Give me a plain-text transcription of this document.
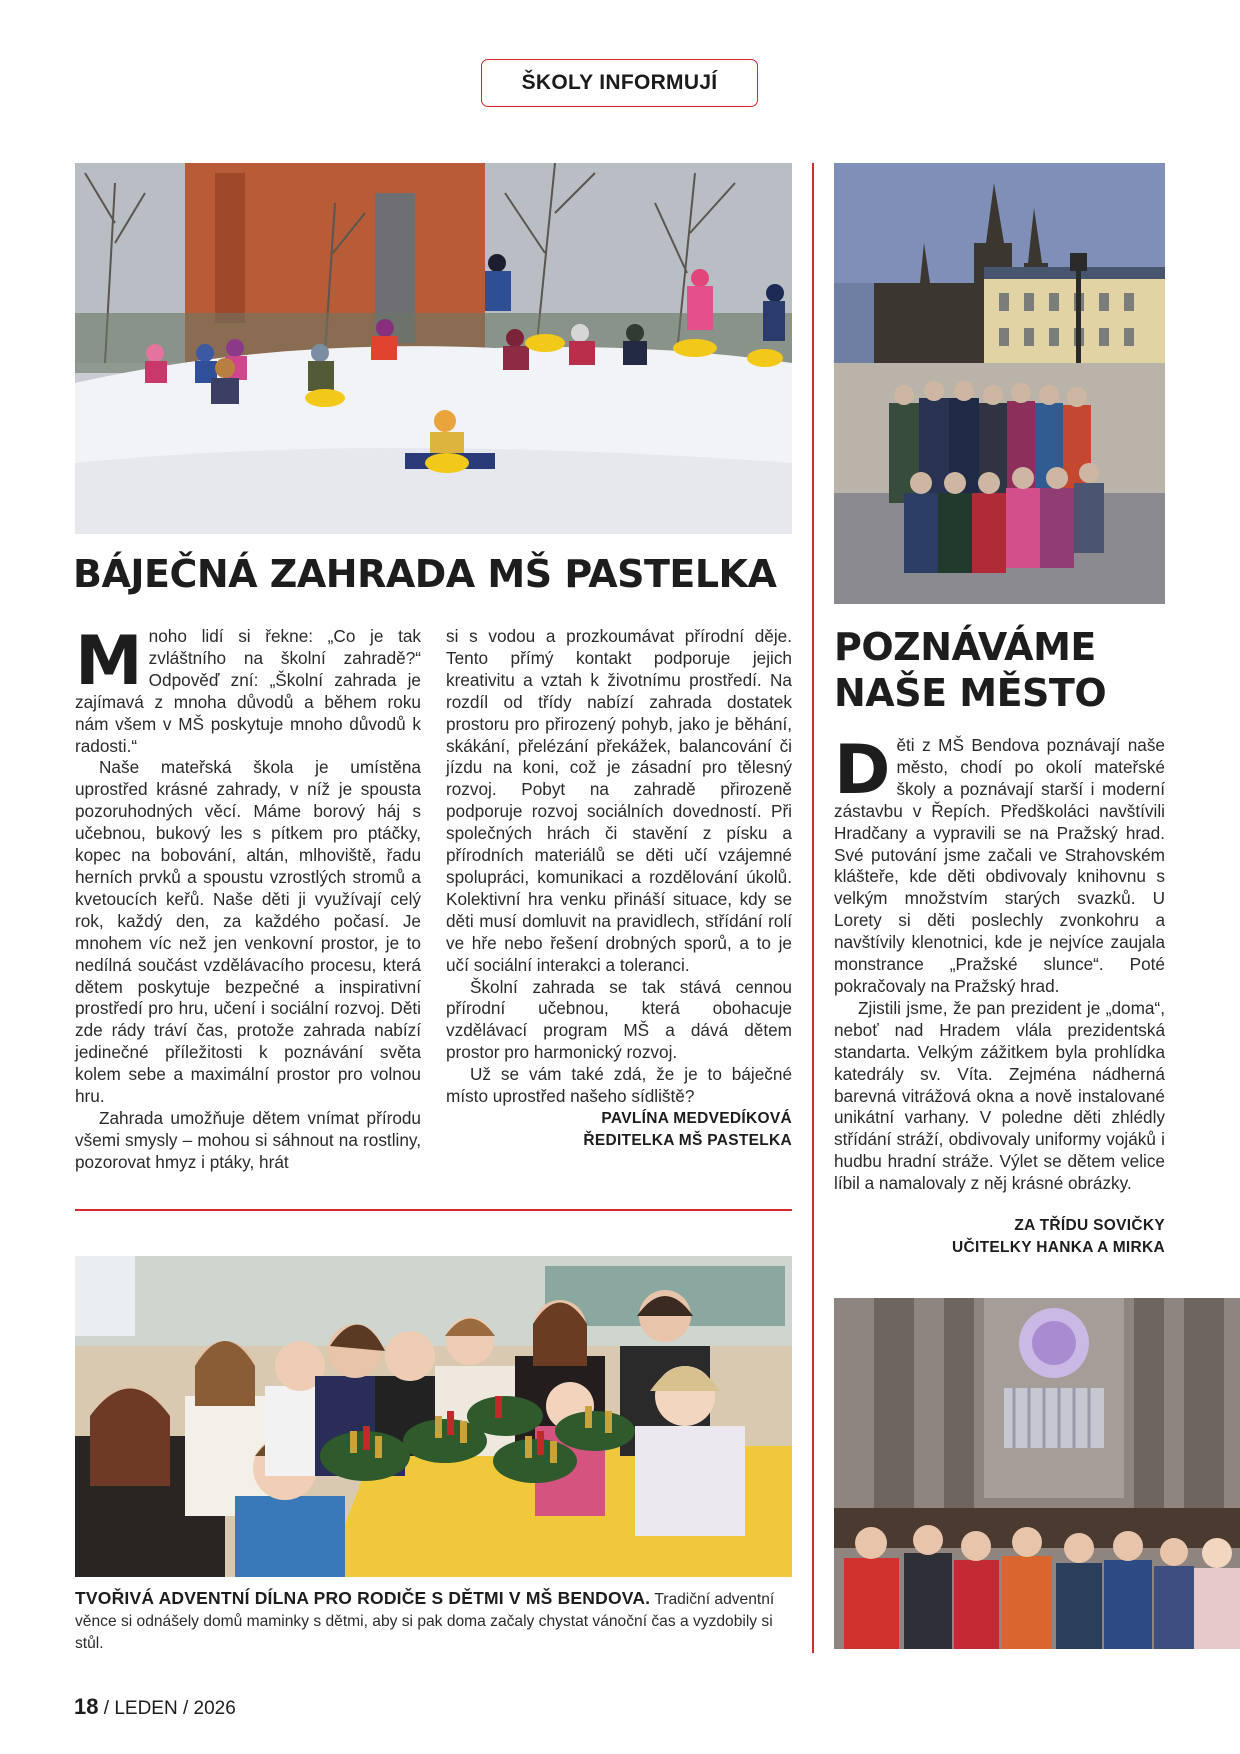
ŠKOLY INFORMUJÍ
BÁJEČNÁ ZAHRADA MŠ PASTELKA

Mnoho lidí si řekne: „Co je tak zvláštního na školní zahradě?“ Odpověď zní: „Školní zahrada je zajímavá z mnoha důvodů a během roku nám všem v MŠ poskytuje mnoho důvodů k radosti.“

Naše mateřská škola je umístěna uprostřed krásné zahrady, v níž je spousta pozoruhodných věcí. Máme borový háj s učebnou, bukový les s pítkem pro ptáčky, kopec na bobování, altán, mlhoviště, řadu herních prvků a spoustu vzrostlých stromů a kvetoucích keřů. Naše děti ji využívají celý rok, každý den, za každého počasí. Je mnohem víc než jen venkovní prostor, je to nedílná součást vzdělávacího procesu, která dětem poskytuje bezpečné a inspirativní prostředí pro hru, učení i sociální rozvoj. Děti zde rády tráví čas, protože zahrada nabízí jedinečné příležitosti k poznávání světa kolem sebe a maximální prostor pro volnou hru.

Zahrada umožňuje dětem vnímat přírodu všemi smysly – mohou si sáhnout na rostliny, pozorovat hmyz i ptáky, hrát

si s vodou a prozkoumávat přírodní děje. Tento přímý kontakt podporuje jejich kreativitu a vztah k životnímu prostředí. Na rozdíl od třídy nabízí zahrada dostatek prostoru pro přirozený pohyb, jako je běhání, skákání, přelézání překážek, balancování či jízdu na koni, což je zásadní pro tělesný rozvoj. Pobyt na zahradě přirozeně podporuje rozvoj sociálních dovedností. Při společných hrách či stavění z písku a přírodních materiálů se děti učí vzájemné spolupráci, komunikaci a rozdělování úkolů. Kolektivní hra venku přináší situace, kdy se děti musí domluvit na pravidlech, střídání rolí ve hře nebo řešení drobných sporů, a to je učí sociální interakci a toleranci.

Školní zahrada se tak stává cennou přírodní učebnou, která obohacuje vzdělávací program MŠ a dává dětem prostor pro harmonický rozvoj.

Už se vám také zdá, že je to báječné místo uprostřed našeho sídliště?

PAVLÍNA MEDVEDÍKOVÁ
ŘEDITELKA MŠ PASTELKA
POZNÁVÁME
NAŠE MĚSTO

Děti z MŠ Bendova poznávají naše město, chodí po okolí mateřské školy a poznávají starší i moderní zástavbu v Řepích. Předškoláci navštívili Hradčany a vypravili se na Pražský hrad. Své putování jsme začali ve Strahovském klášteře, kde děti obdivovaly knihovnu s velkým množstvím starých svazků. U Lorety si děti poslechly zvonkohru a navštívily klenotnici, kde je nejvíce zaujala monstrance „Pražské slunce“. Poté pokračovaly na Pražský hrad.

Zjistili jsme, že pan prezident je „doma“, neboť nad Hradem vlála prezidentská standarta. Velkým zážitkem byla prohlídka katedrály sv. Víta. Zejména nádherná barevná vitrážová okna a nově instalované unikátní varhany. V poledne děti zhlédly střídání stráží, obdivovaly uniformy vojáků i hudbu hradní stráže. Výlet se dětem velice líbil a namalovaly z něj krásné obrázky.

ZA TŘÍDU SOVIČKY
UČITELKY HANKA A MIRKA
TVOŘIVÁ ADVENTNÍ DÍLNA PRO RODIČE S DĚTMI V MŠ BENDOVA. Tradiční adventní věnce si odnášely domů maminky s dětmi, aby si pak doma začaly chystat vánoční čas a vyzdobily si stůl.
18 / LEDEN / 2026
